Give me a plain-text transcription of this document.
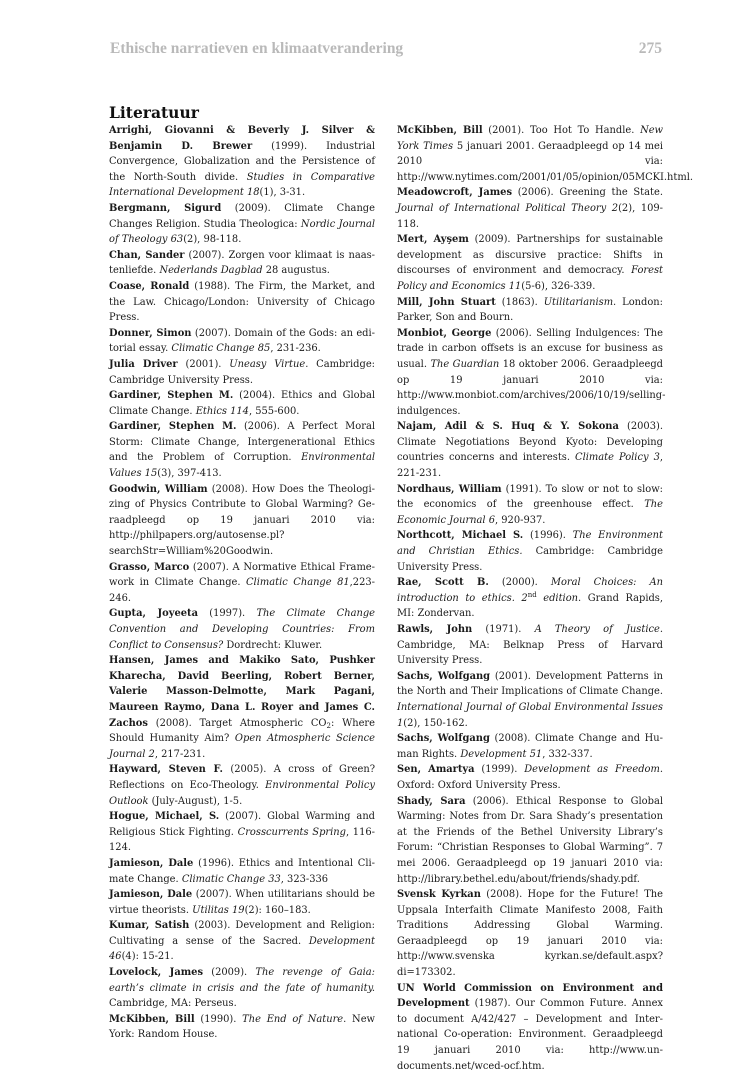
Ethische narratieven en klimaatverandering	275
Literatuur
Arrighi, Giovanni & Beverly J. Silver & Benjamin D. Brewer (1999). Industrial Convergence, Globalization and the Persistence of the North-South divide. Studies in Comparative International Development 18(1), 3-31.
Bergmann, Sigurd (2009). Climate Change Changes Religion. Studia Theologica: Nordic Journal of Theology 63(2), 98-118.
Chan, Sander (2007). Zorgen voor klimaat is naastenliefde. Nederlands Dagblad 28 augustus.
Coase, Ronald (1988). The Firm, the Market, and the Law. Chicago/London: University of Chicago Press.
Donner, Simon (2007). Domain of the Gods: an editorial essay. Climatic Change 85, 231-236.
Julia Driver (2001). Uneasy Virtue. Cambridge: Cambridge University Press.
Gardiner, Stephen M. (2004). Ethics and Global Climate Change. Ethics 114, 555-600.
Gardiner, Stephen M. (2006). A Perfect Moral Storm: Climate Change, Intergenerational Ethics and the Problem of Corruption. Environmental Values 15(3), 397-413.
Goodwin, William (2008). How Does the Theologizing of Physics Contribute to Global Warming? Geraadpleegd op 19 januari 2010 via: http://philpapers.org/autosense.pl?searchStr=William%20Goodwin.
Grasso, Marco (2007). A Normative Ethical Framework in Climate Change. Climatic Change 81,223-246.
Gupta, Joyeeta (1997). The Climate Change Convention and Developing Countries: From Conflict to Consensus? Dordrecht: Kluwer.
Hansen, James and Makiko Sato, Pushker Kharecha, David Beerling, Robert Berner, Valerie Masson-Delmotte, Mark Pagani, Maureen Raymo, Dana L. Royer and James C. Zachos (2008). Target Atmospheric $CO_2$: Where Should Humanity Aim? Open Atmospheric Science Journal 2, 217-231.
Hayward, Steven F. (2005). A cross of Green? Reflections on Eco-Theology. Environmental Policy Outlook (July-August), 1-5.
Hogue, Michael, S. (2007). Global Warming and Religious Stick Fighting. Crosscurrents Spring, 116-124.
Jamieson, Dale (1996). Ethics and Intentional Climate Change. Climatic Change 33, 323-336
Jamieson, Dale (2007). When utilitarians should be virtue theorists. Utilitas 19(2): 160–183.
Kumar, Satish (2003). Development and Religion: Cultivating a sense of the Sacred. Development 46(4): 15-21.
Lovelock, James (2009). The revenge of Gaia: earth’s climate in crisis and the fate of humanity. Cambridge, MA: Perseus.
McKibben, Bill (1990). The End of Nature. New York: Random House.
McKibben, Bill (2001). Too Hot To Handle. New York Times 5 januari 2001. Geraadpleegd op 14 mei 2010 via: http://www.nytimes.com/2001/01/05/opinion/05MCKI.html.
Meadowcroft, James (2006). Greening the State. Journal of International Political Theory 2(2), 109-118.
Mert, Ayşem (2009). Partnerships for sustainable development as discursive practice: Shifts in discourses of environment and democracy. Forest Policy and Economics 11(5-6), 326-339.
Mill, John Stuart (1863). Utilitarianism. London: Parker, Son and Bourn.
Monbiot, George (2006). Selling Indulgences: The trade in carbon offsets is an excuse for business as usual. The Guardian 18 oktober 2006. Geraadpleegd op 19 januari 2010 via: http://www.monbiot.com/archives/2006/10/19/selling-indulgences.
Najam, Adil & S. Huq & Y. Sokona (2003). Climate Negotiations Beyond Kyoto: Developing countries concerns and interests. Climate Policy 3, 221-231.
Nordhaus, William (1991). To slow or not to slow: the economics of the greenhouse effect. The Economic Journal 6, 920-937.
Northcott, Michael S. (1996). The Environment and Christian Ethics. Cambridge: Cambridge University Press.
Rae, Scott B. (2000). Moral Choices: An introduction to ethics. 2nd edition. Grand Rapids, MI: Zondervan.
Rawls, John (1971). A Theory of Justice. Cambridge, MA: Belknap Press of Harvard University Press.
Sachs, Wolfgang (2001). Development Patterns in the North and Their Implications of Climate Change. International Journal of Global Environmental Issues 1(2), 150-162.
Sachs, Wolfgang (2008). Climate Change and Human Rights. Development 51, 332-337.
Sen, Amartya (1999). Development as Freedom. Oxford: Oxford University Press.
Shady, Sara (2006). Ethical Response to Global Warming: Notes from Dr. Sara Shady’s presentation at the Friends of the Bethel University Library’s Forum: “Christian Responses to Global Warming”. 7 mei 2006. Geraadpleegd op 19 januari 2010 via: http://library.bethel.edu/about/friends/shady.pdf.
Svensk Kyrkan (2008). Hope for the Future! The Uppsala Interfaith Climate Manifesto 2008, Faith Traditions Addressing Global Warming. Geraadpleegd op 19 januari 2010 via: http://www.svenska kyrkan.se/default.aspx?di=173302.
UN World Commission on Environment and Development (1987). Our Common Future. Annex to document A/42/427 – Development and International Co-operation: Environment. Geraadpleegd 19 januari 2010 via: http://www.un-documents.net/wced-ocf.htm.
